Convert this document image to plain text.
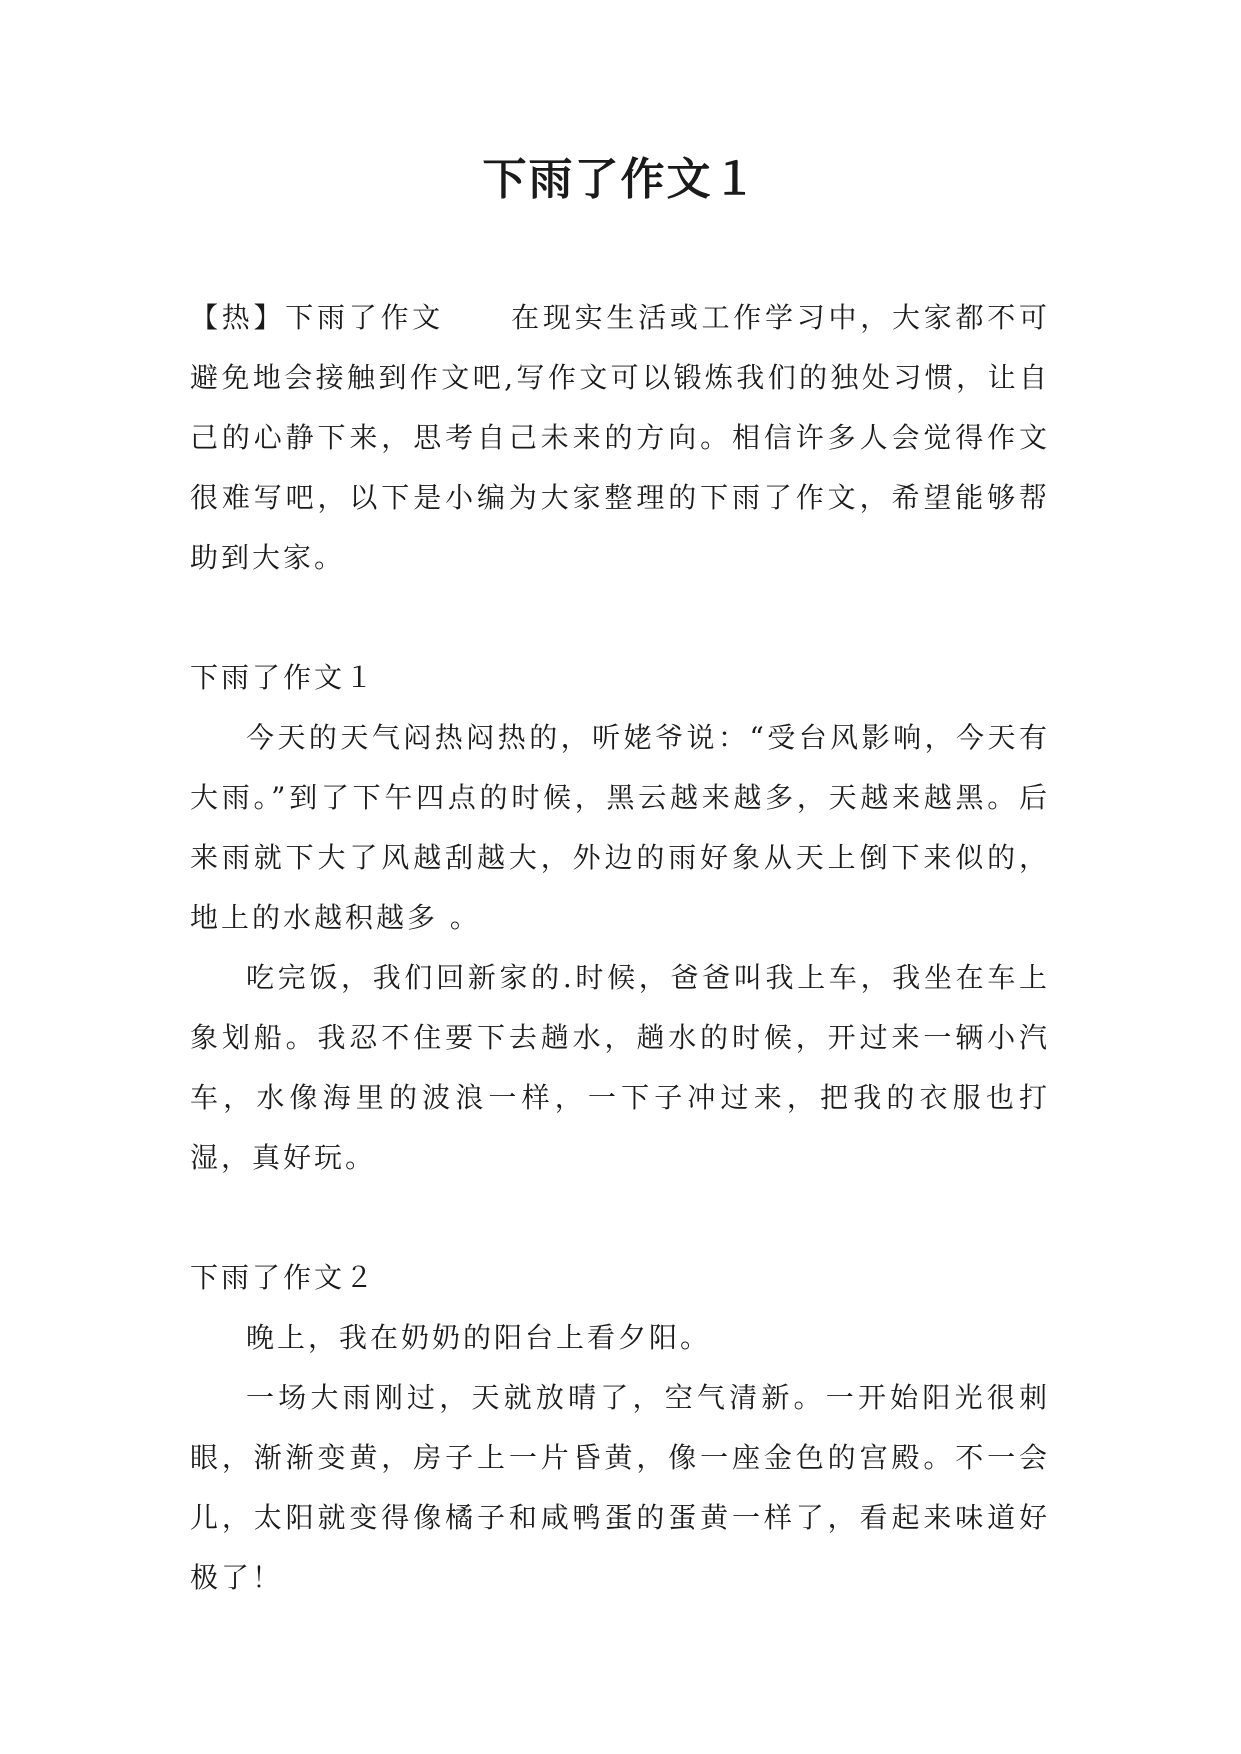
下雨了作文１

【热】下雨了作文 在现实生活或工作学习中，大家都不可避免地会接触到作文吧,写作文可以锻炼我们的独处习惯，让自己的心静下来，思考自己未来的方向。相信许多人会觉得作文很难写吧，以下是小编为大家整理的下雨了作文，希望能够帮助到大家。

下雨了作文１

今天的天气闷热闷热的，听姥爷说：“受台风影响，今天有大雨。”到了下午四点的时候，黑云越来越多，天越来越黑。后来雨就下大了风越刮越大，外边的雨好象从天上倒下来似的，地上的水越积越多 。

吃完饭，我们回新家的.时候，爸爸叫我上车，我坐在车上象划船。我忍不住要下去趟水，趟水的时候，开过来一辆小汽车，水像海里的波浪一样，一下子冲过来，把我的衣服也打湿，真好玩。

下雨了作文２

晚上，我在奶奶的阳台上看夕阳。

一场大雨刚过，天就放晴了，空气清新。一开始阳光很刺眼，渐渐变黄，房子上一片昏黄，像一座金色的宫殿。不一会儿，太阳就变得像橘子和咸鸭蛋的蛋黄一样了，看起来味道好极了！
